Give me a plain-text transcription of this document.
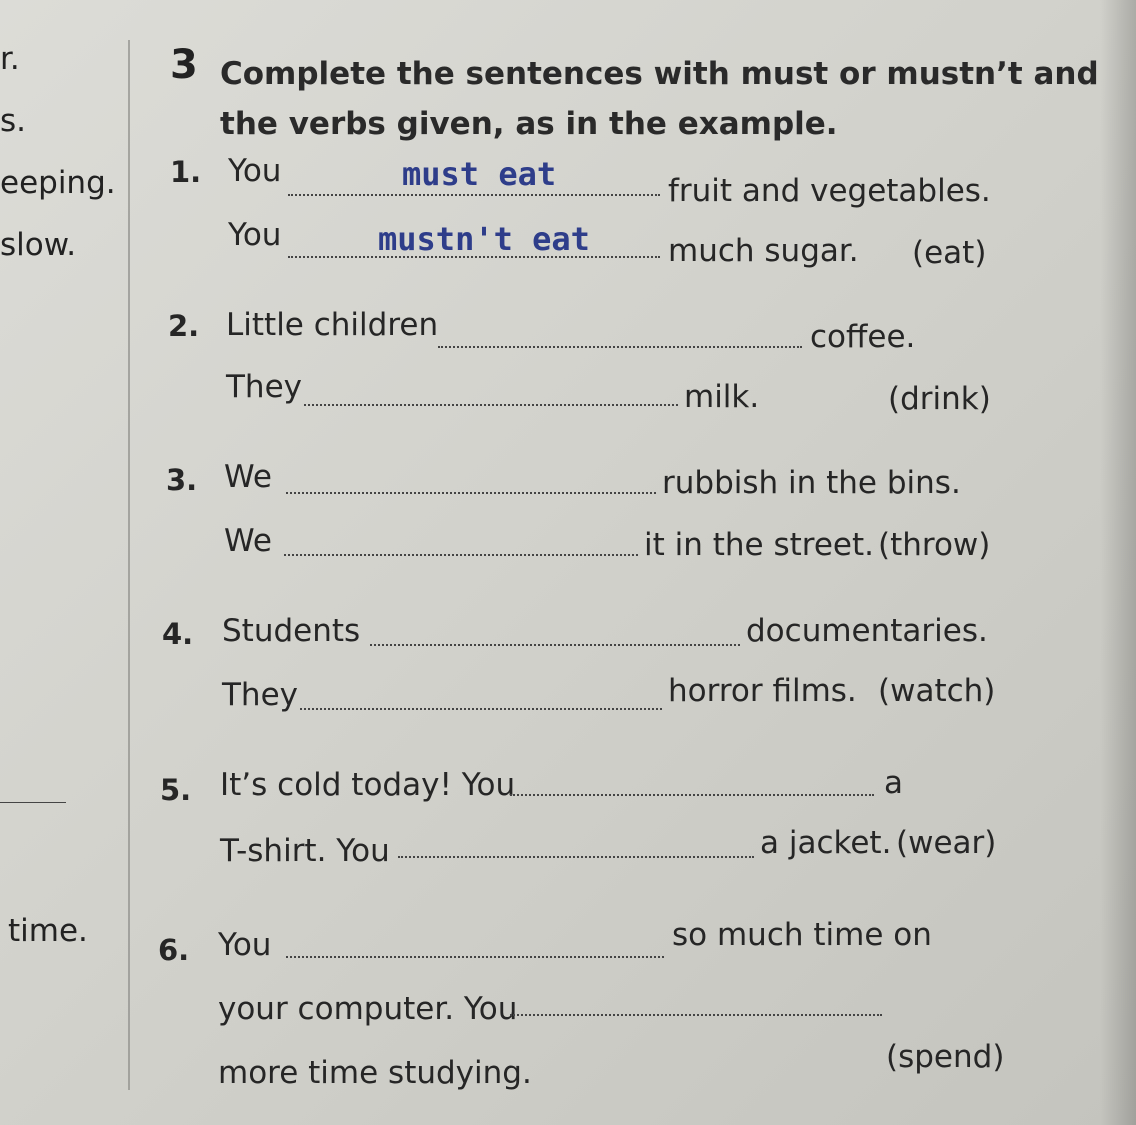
r.
s.
eeping.
slow.
time.
3 Complete the sentences with must or mustn’t and
the verbs given, as in the example.
1. You	must eat	fruit and vegetables.
You	mustn't eat	much sugar. (eat)
2. Little children	coffee.
They	milk.	(drink)
3. We	rubbish in the bins.
We	it in the street. (throw)
4. Students	documentaries.
They	horror films. (watch)
5. It’s cold today! You	a
T-shirt. You	a jacket. (wear)
6. You	so much time on
your computer. You
more time studying.	(spend)
